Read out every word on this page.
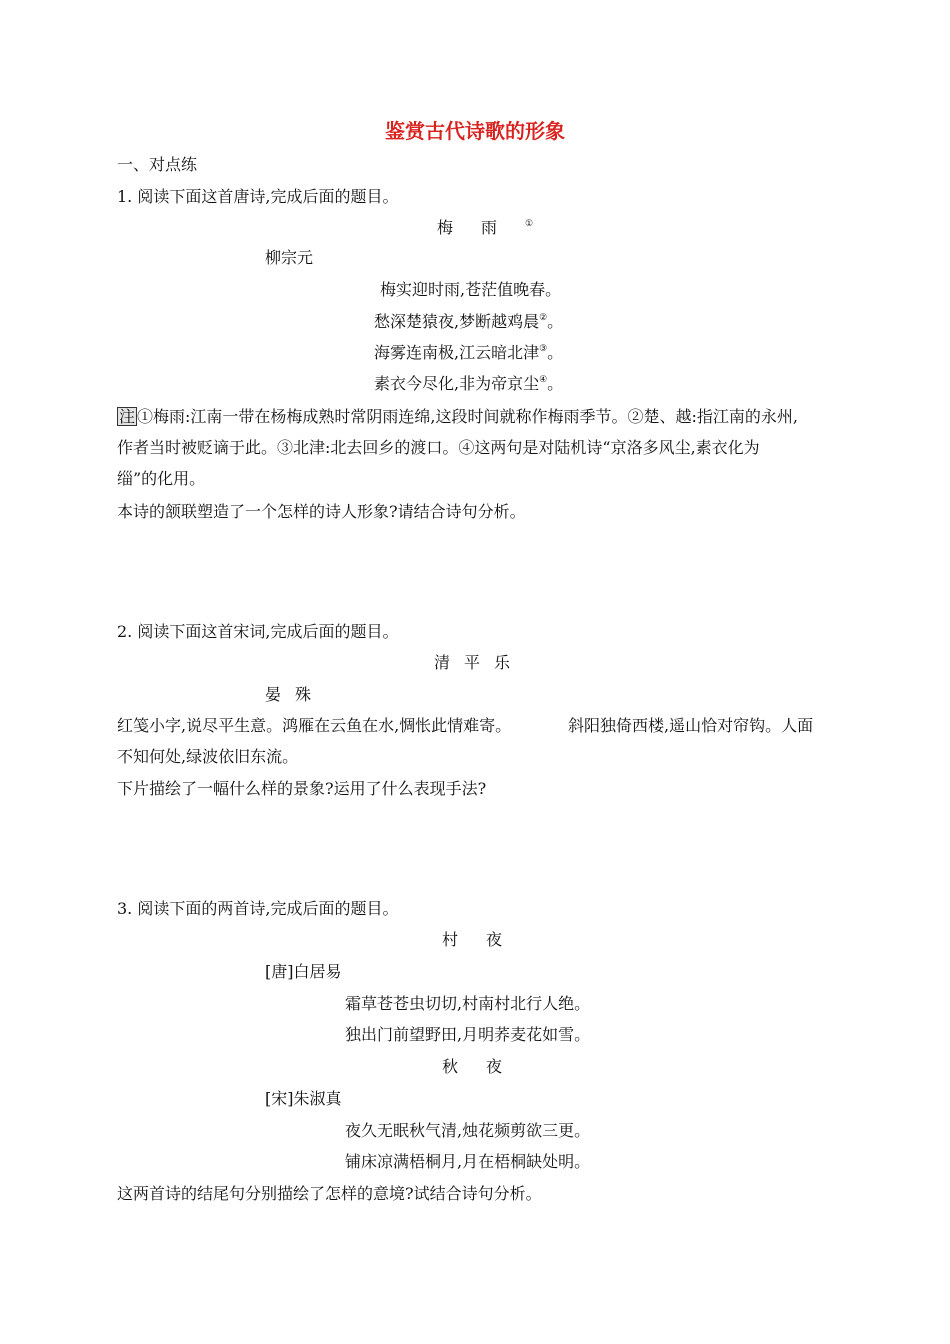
鉴赏古代诗歌的形象
一、对点练
1. 阅读下面这首唐诗,完成后面的题目。
梅雨①
柳宗元
梅实迎时雨,苍茫值晚春。
愁深楚猿夜,梦断越鸡晨②。
海雾连南极,江云暗北津③。
素衣今尽化,非为帝京尘④。
注 ①梅雨:江南一带在杨梅成熟时常阴雨连绵,这段时间就称作梅雨季节。②楚、越:指江南的永州,
作者当时被贬谪于此。③北津:北去回乡的渡口。④这两句是对陆机诗“京洛多风尘,素衣化为
缁”的化用。
本诗的颔联塑造了一个怎样的诗人形象?请结合诗句分析。
2. 阅读下面这首宋词,完成后面的题目。
清平乐
晏殊
红笺小字,说尽平生意。鸿雁在云鱼在水,惆怅此情难寄。	斜阳独倚西楼,遥山恰对帘钩。人面
不知何处,绿波依旧东流。
下片描绘了一幅什么样的景象?运用了什么表现手法?
3. 阅读下面的两首诗,完成后面的题目。
村夜
[唐]白居易
霜草苍苍虫切切,村南村北行人绝。
独出门前望野田,月明荞麦花如雪。
秋夜
[宋]朱淑真
夜久无眠秋气清,烛花频剪欲三更。
铺床凉满梧桐月,月在梧桐缺处明。
这两首诗的结尾句分别描绘了怎样的意境?试结合诗句分析。
